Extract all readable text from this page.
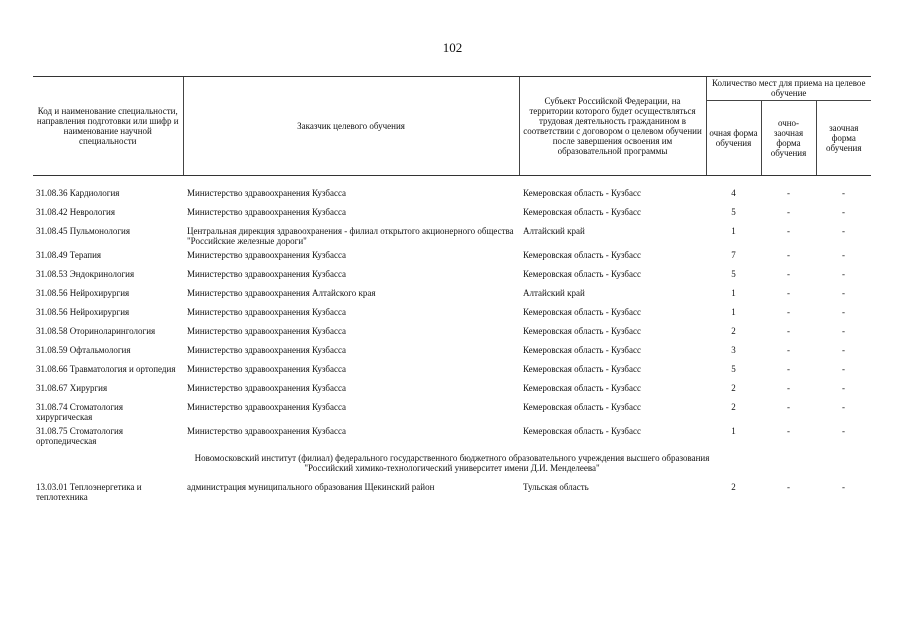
102
Код и наименование специальности, направления подготовки или шифр и наименование научной специальности	Заказчик целевого обучения	Субъект Российской Федерации, на территории которого будет осуществляться трудовая деятельность гражданином в соответствии с договором о целевом обучении после завершения освоения им образовательной программы	Количество мест для приема на целевое обучение		
			очная форма обучения	очно-заочная форма обучения	заочная форма обучения

31.08.36 Кардиология	Министерство здравоохранения Кузбасса	Кемеровская область - Кузбасс	4	-	-
31.08.42 Неврология	Министерство здравоохранения Кузбасса	Кемеровская область - Кузбасс	5	-	-
31.08.45 Пульмонология	Центральная дирекция здравоохранения - филиал открытого акционерного общества "Российские железные дороги"	Алтайский край	1	-	-
31.08.49 Терапия	Министерство здравоохранения Кузбасса	Кемеровская область - Кузбасс	7	-	-
31.08.53 Эндокринология	Министерство здравоохранения Кузбасса	Кемеровская область - Кузбасс	5	-	-
31.08.56 Нейрохирургия	Министерство здравоохранения Алтайского края	Алтайский край	1	-	-
31.08.56 Нейрохирургия	Министерство здравоохранения Кузбасса	Кемеровская область - Кузбасс	1	-	-
31.08.58 Оториноларингология	Министерство здравоохранения Кузбасса	Кемеровская область - Кузбасс	2	-	-
31.08.59 Офтальмология	Министерство здравоохранения Кузбасса	Кемеровская область - Кузбасс	3	-	-
31.08.66 Травматология и ортопедия	Министерство здравоохранения Кузбасса	Кемеровская область - Кузбасс	5	-	-
31.08.67 Хирургия	Министерство здравоохранения Кузбасса	Кемеровская область - Кузбасс	2	-	-
31.08.74 Стоматология хирургическая	Министерство здравоохранения Кузбасса	Кемеровская область - Кузбасс	2	-	-
31.08.75 Стоматология ортопедическая	Министерство здравоохранения Кузбасса	Кемеровская область - Кузбасс	1	-	-

Новомосковский институт (филиал) федерального государственного бюджетного образовательного учреждения высшего образования
"Российский химико-технологический университет имени Д.И. Менделеева"					

13.03.01 Теплоэнергетика и теплотехника	администрация муниципального образования Щекинский район	Тульская область	2	-	-
